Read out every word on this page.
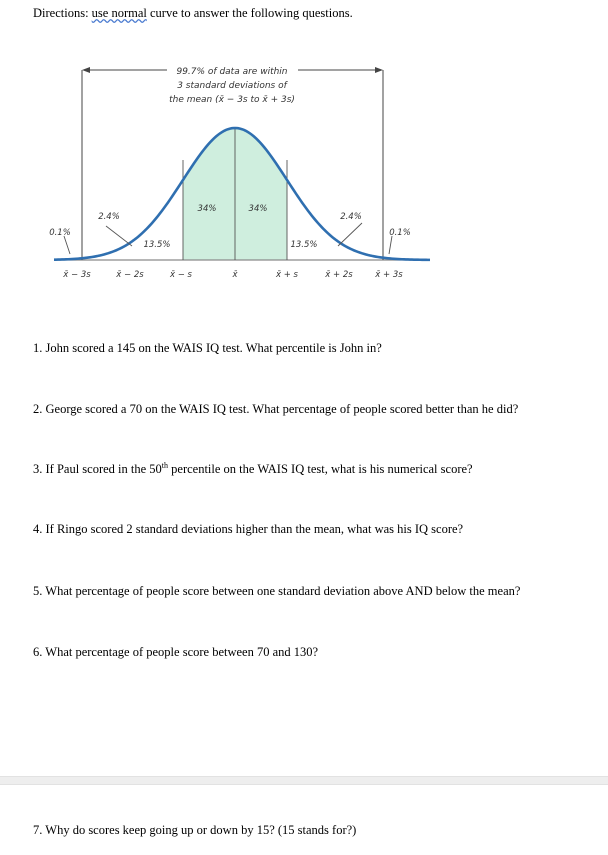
Directions: use normal curve to answer the following questions.
99.7% of data are within
3 standard deviations of
the mean (x̄ − 3s to x̄ + 3s)
34%	34%
2.4%	2.4%
13.5%	13.5%
0.1%	0.1%
x̄ − 3s	x̄ − 2s	x̄ − s	x̄	x̄ + s	x̄ + 2s	x̄ + 3s
1. John scored a 145 on the WAIS IQ test. What percentile is John in?
2. George scored a 70 on the WAIS IQ test. What percentage of people scored better than he did?
3. If Paul scored in the 50th percentile on the WAIS IQ test, what is his numerical score?
4. If Ringo scored 2 standard deviations higher than the mean, what was his IQ score?
5. What percentage of people score between one standard deviation above AND below the mean?
6. What percentage of people score between 70 and 130?
7. Why do scores keep going up or down by 15? (15 stands for?)
